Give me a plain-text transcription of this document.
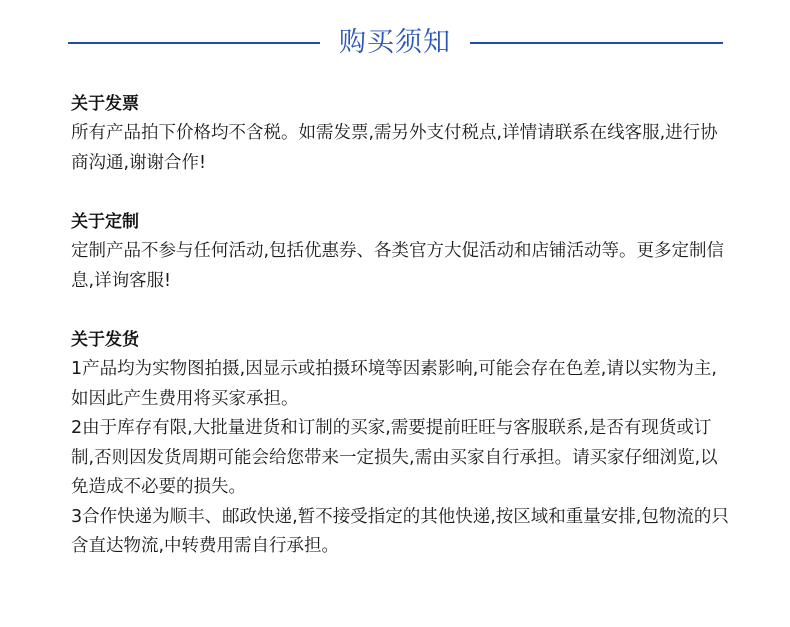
购买须知

关于发票

所有产品拍下价格均不含税。如需发票,需另外支付税点,详情请联系在线客服,进行协商沟通,谢谢合作!

关于定制

定制产品不参与任何活动,包括优惠券、各类官方大促活动和店铺活动等。更多定制信息,详询客服!

关于发货

1产品均为实物图拍摄,因显示或拍摄环境等因素影响,可能会存在色差,请以实物为主,如因此产生费用将买家承担。

2由于库存有限,大批量进货和订制的买家,需要提前旺旺与客服联系,是否有现货或订制,否则因发货周期可能会给您带来一定损失,需由买家自行承担。请买家仔细浏览,以免造成不必要的损失。

3合作快递为顺丰、邮政快递,暂不接受指定的其他快递,按区域和重量安排,包物流的只含直达物流,中转费用需自行承担。
